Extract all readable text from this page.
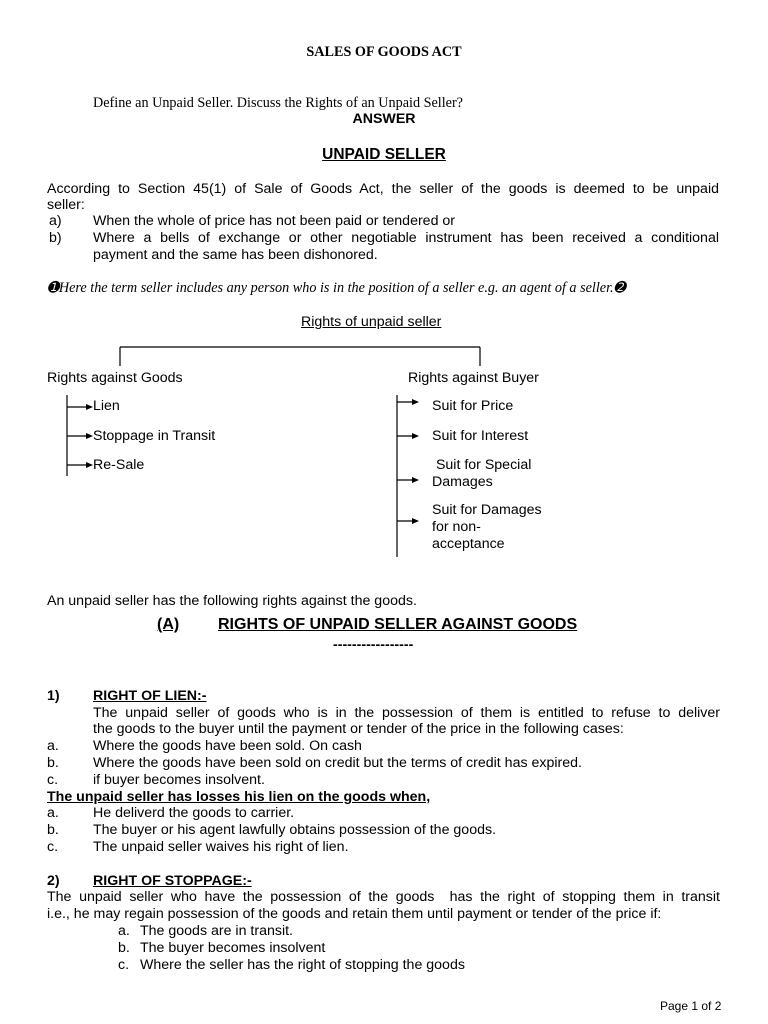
SALES OF GOODS ACT
Define an Unpaid Seller. Discuss the Rights of an Unpaid Seller?
ANSWER
UNPAID SELLER
According to Section 45(1) of Sale of Goods Act, the seller of the goods is deemed to be unpaid
seller:
a) When the whole of price has not been paid or tendered or
b) Where a bells of exchange or other negotiable instrument has been received a conditional
payment and the same has been dishonored.
➊Here the term seller includes any person who is in the position of a seller e.g. an agent of a seller.➋
Rights of unpaid seller
Rights against Goods
Lien
Stoppage in Transit
Re-Sale
Rights against Buyer
Suit for Price
Suit for Interest
Suit for Special
Damages
Suit for Damages
for non-
acceptance
An unpaid seller has the following rights against the goods.
(A) RIGHTS OF UNPAID SELLER AGAINST GOODS
-----------------
1) RIGHT OF LIEN:-
The unpaid seller of goods who is in the possession of them is entitled to refuse to deliver
the goods to the buyer until the payment or tender of the price in the following cases:
a. Where the goods have been sold. On cash
b. Where the goods have been sold on credit but the terms of credit has expired.
c. if buyer becomes insolvent.
The unpaid seller has losses his lien on the goods when,
a. He deliverd the goods to carrier.
b. The buyer or his agent lawfully obtains possession of the goods.
c. The unpaid seller waives his right of lien.
2) RIGHT OF STOPPAGE:-
The unpaid seller who have the possession of the goods  has the right of stopping them in transit
i.e., he may regain possession of the goods and retain them until payment or tender of the price if:
a. The goods are in transit.
b. The buyer becomes insolvent
c. Where the seller has the right of stopping the goods
Page 1 of 2
